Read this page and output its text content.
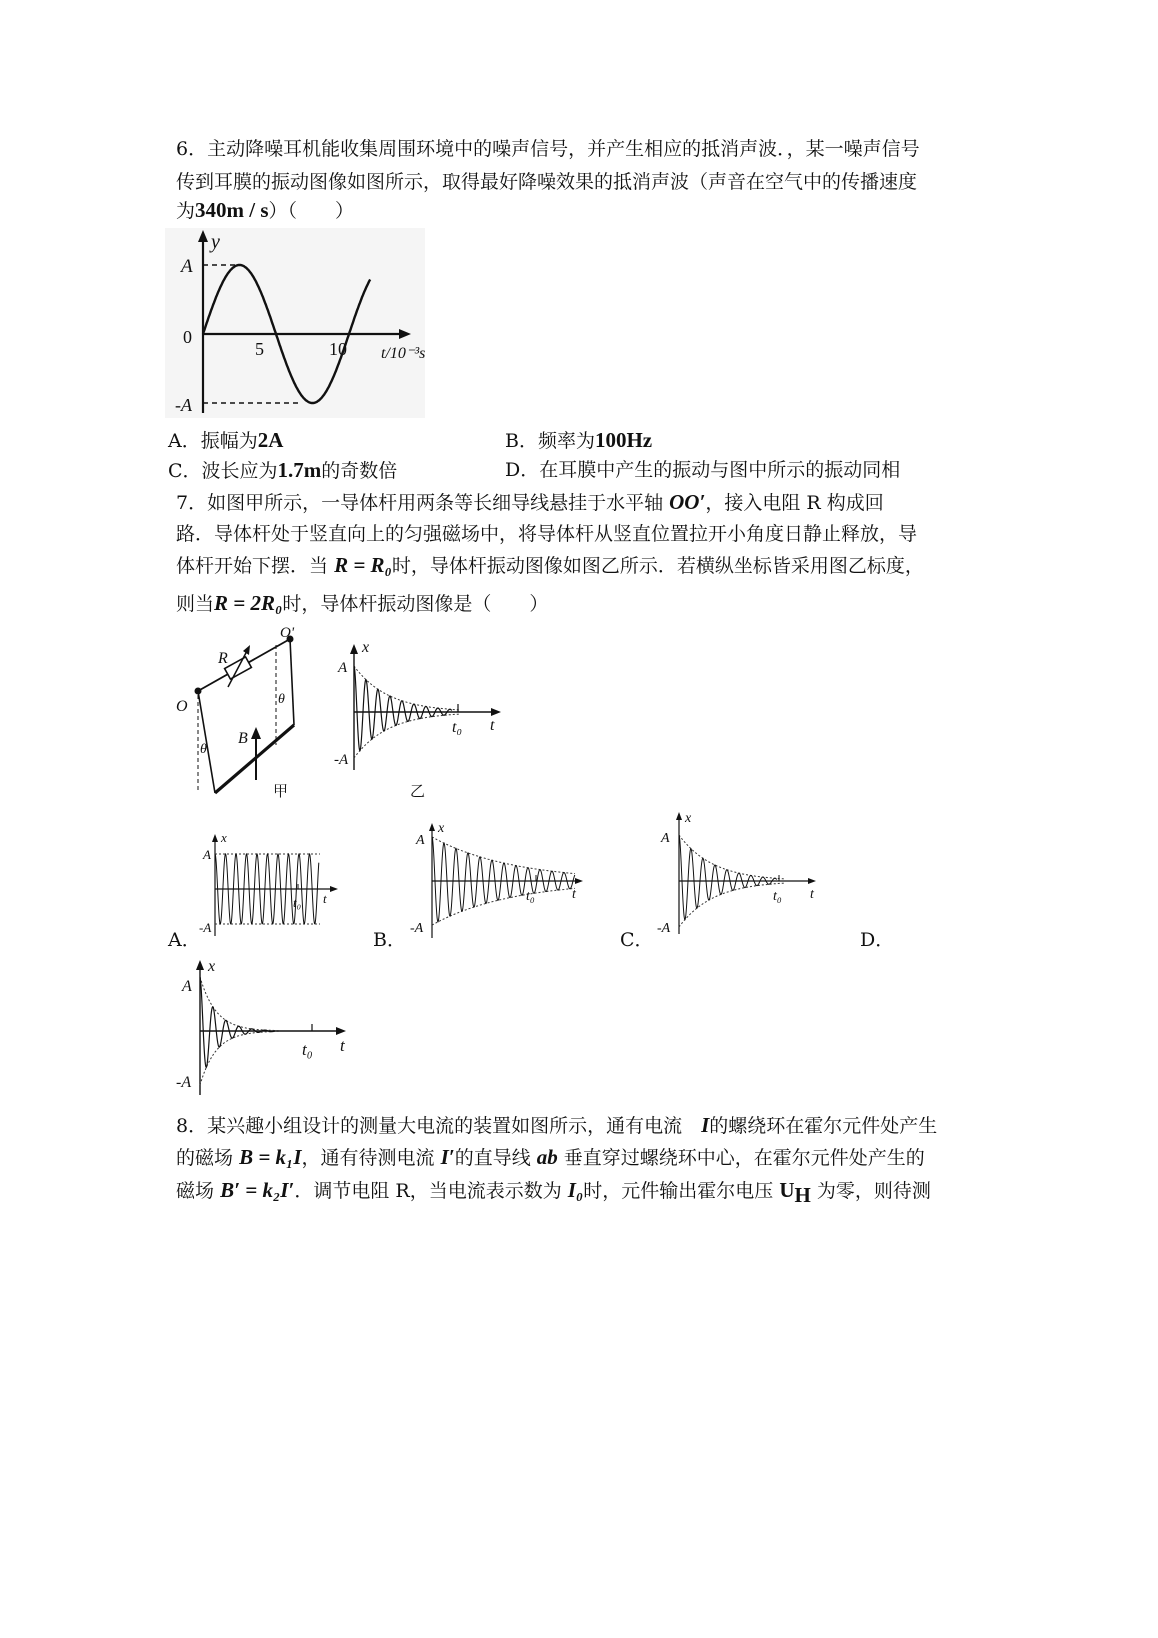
6．主动降噪耳机能收集周围环境中的噪声信号，并产生相应的抵消声波．，某一噪声信号
传到耳膜的振动图像如图所示，取得最好降噪效果的抵消声波（声音在空气中的传播速度
为340m / s）（　　）
y
A
0
-A
5	10 t/10⁻³s
A．振幅为2A	B．频率为100Hz
C．波长应为1.7m的奇数倍	D．在耳膜中产生的振动与图中所示的振动同相
7．如图甲所示，一导体杆用两条等长细导线悬挂于水平轴 OO′，接入电阻 R 构成回
路．导体杆处于竖直向上的匀强磁场中，将导体杆从竖直位置拉开小角度日静止释放，导
体杆开始下摆．当 R = R₀时，导体杆振动图像如图乙所示．若横纵坐标皆采用图乙标度，
则当R = 2R₀时，导体杆振动图像是（　　）
R
O
O'
θ
θ
B
甲
x
A
-A
t₀ t
乙
x
A
-A
t₀ t
A．
x
A
-A
t₀	t
B．
x
A
-A
t₀ t
C．	D．
x
A
-A
t₀ t
8．某兴趣小组设计的测量大电流的装置如图所示，通有电流　 I的螺绕环在霍尔元件处产生
的磁场 B = k₁I，通有待测电流 I′的直导线 ab 垂直穿过螺绕环中心，在霍尔元件处产生的
磁场 B′ = k₂I′．调节电阻 R，当电流表示数为 I₀时，元件输出霍尔电压 $U_H$ 为零，则待测
